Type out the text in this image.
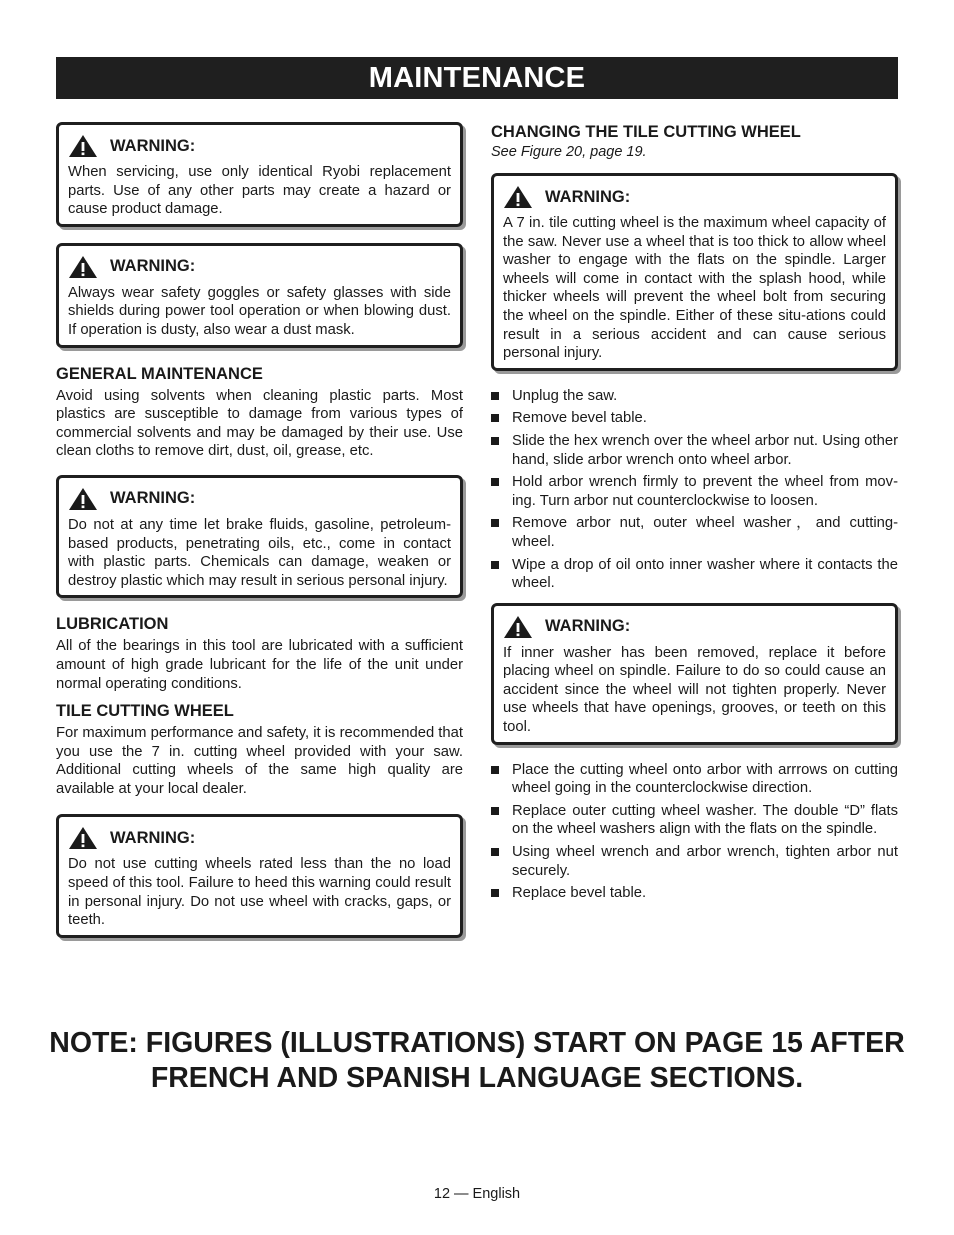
MAINTENANCE
WARNING:
When servicing, use only identical Ryobi replacement parts. Use of any other parts may create a hazard or cause product damage.
WARNING:
Always wear safety goggles or safety glasses with side shields during power tool operation or when blowing dust. If operation is dusty, also wear a dust mask.
GENERAL MAINTENANCE
Avoid using solvents when cleaning plastic parts. Most plastics are susceptible to damage from various types of commercial solvents and may be damaged by their use. Use clean cloths to remove dirt, dust, oil, grease, etc.
WARNING:
Do not at any time let brake fluids, gasoline, petroleum-based products, penetrating oils, etc., come in contact with plastic parts. Chemicals can damage, weaken or destroy plastic which may result in serious personal injury.
LUBRICATION
All of the bearings in this tool are lubricated with a sufficient amount of high grade lubricant for the life of the unit under normal operating conditions.
TILE CUTTING WHEEL
For maximum performance and safety, it is recommended that you use the 7 in. cutting wheel provided with your saw. Additional cutting wheels of the same high quality are available at your local dealer.
WARNING:
Do not use cutting wheels rated less than the no load speed of this tool. Failure to heed this warning could result in personal injury. Do not use wheel with cracks, gaps, or teeth.
CHANGING THE TILE CUTTING WHEEL
See Figure 20, page 19.
WARNING:
A 7 in. tile cutting wheel is the maximum wheel capacity of the saw. Never use a wheel that is too thick to allow wheel washer to engage with the flats on the spindle. Larger wheels will come in contact with the splash hood, while thicker wheels will prevent the wheel bolt from securing the wheel on the spindle. Either of these situ-ations could result in a serious accident and can cause serious personal injury.
Unplug the saw.
Remove bevel table.
Slide the hex wrench over the wheel arbor nut. Using other hand, slide arbor wrench onto wheel arbor.
Hold arbor wrench firmly to prevent the wheel from mov-ing. Turn arbor nut counterclockwise to loosen.
Remove arbor nut, outer wheel washer，and cutting-wheel.
Wipe a drop of oil onto inner washer where it contacts the wheel.
WARNING:
If inner washer has been removed, replace it before placing wheel on spindle. Failure to do so could cause an accident since the wheel will not tighten properly. Never use wheels that have openings, grooves, or teeth on this tool.
Place the cutting wheel onto arbor with arrrows on cutting wheel going in the counterclockwise direction.
Replace outer cutting wheel washer. The double “D” flats on the wheel washers align with the flats on the spindle.
Using wheel wrench and arbor wrench, tighten arbor nut securely.
Replace bevel table.
NOTE: FIGURES (ILLUSTRATIONS) START ON PAGE 15 AFTER
FRENCH AND SPANISH LANGUAGE SECTIONS.
12 — English
